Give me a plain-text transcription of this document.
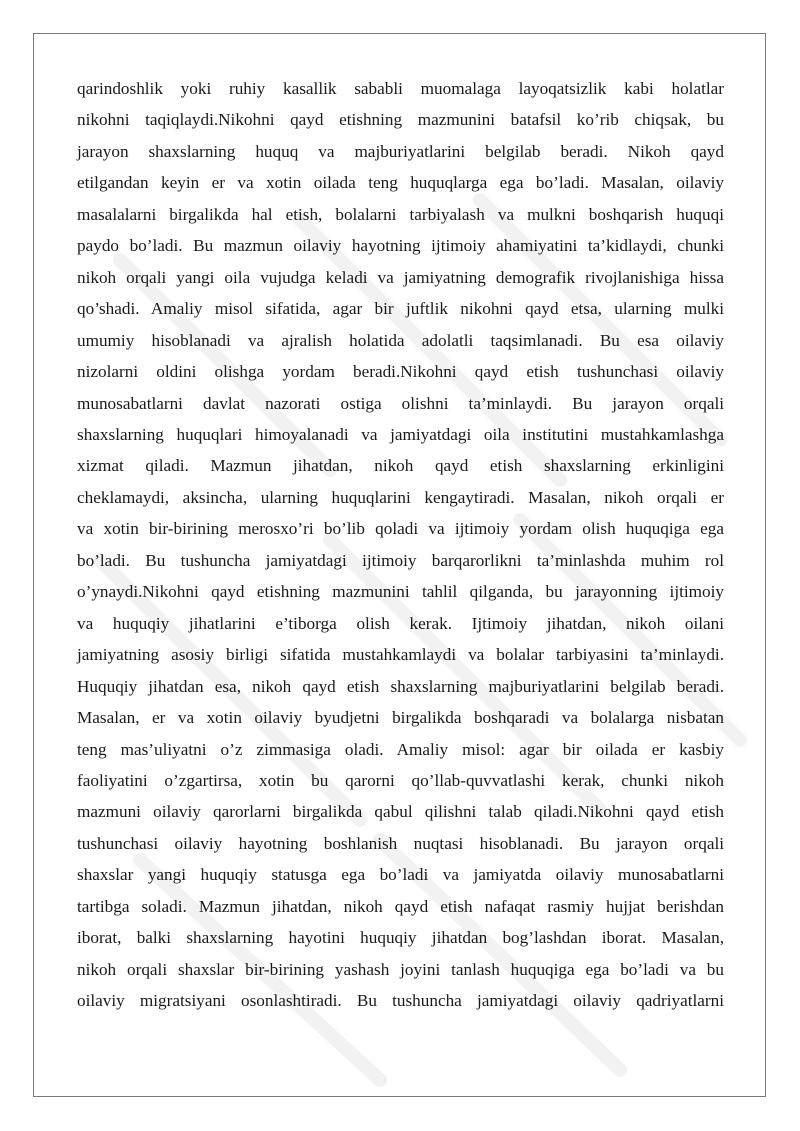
qarindoshlik yoki ruhiy kasallik sababli muomalaga layoqatsizlik kabi holatlar
nikohni taqiqlaydi.Nikohni qayd etishning mazmunini batafsil ko’rib chiqsak, bu
jarayon shaxslarning huquq va majburiyatlarini belgilab beradi. Nikoh qayd
etilgandan keyin er va xotin oilada teng huquqlarga ega bo’ladi. Masalan, oilaviy
masalalarni birgalikda hal etish, bolalarni tarbiyalash va mulkni boshqarish huquqi
paydo bo’ladi. Bu mazmun oilaviy hayotning ijtimoiy ahamiyatini ta’kidlaydi, chunki
nikoh orqali yangi oila vujudga keladi va jamiyatning demografik rivojlanishiga hissa
qo’shadi. Amaliy misol sifatida, agar bir juftlik nikohni qayd etsa, ularning mulki
umumiy hisoblanadi va ajralish holatida adolatli taqsimlanadi. Bu esa oilaviy
nizolarni oldini olishga yordam beradi.Nikohni qayd etish tushunchasi oilaviy
munosabatlarni davlat nazorati ostiga olishni ta’minlaydi. Bu jarayon orqali
shaxslarning huquqlari himoyalanadi va jamiyatdagi oila institutini mustahkamlashga
xizmat qiladi. Mazmun jihatdan, nikoh qayd etish shaxslarning erkinligini
cheklamaydi, aksincha, ularning huquqlarini kengaytiradi. Masalan, nikoh orqali er
va xotin bir-birining merosxo’ri bo’lib qoladi va ijtimoiy yordam olish huquqiga ega
bo’ladi. Bu tushuncha jamiyatdagi ijtimoiy barqarorlikni ta’minlashda muhim rol
o’ynaydi.Nikohni qayd etishning mazmunini tahlil qilganda, bu jarayonning ijtimoiy
va huquqiy jihatlarini e’tiborga olish kerak. Ijtimoiy jihatdan, nikoh oilani
jamiyatning asosiy birligi sifatida mustahkamlaydi va bolalar tarbiyasini ta’minlaydi.
Huquqiy jihatdan esa, nikoh qayd etish shaxslarning majburiyatlarini belgilab beradi.
Masalan, er va xotin oilaviy byudjetni birgalikda boshqaradi va bolalarga nisbatan
teng mas’uliyatni o’z zimmasiga oladi. Amaliy misol: agar bir oilada er kasbiy
faoliyatini o’zgartirsa, xotin bu qarorni qo’llab-quvvatlashi kerak, chunki nikoh
mazmuni oilaviy qarorlarni birgalikda qabul qilishni talab qiladi.Nikohni qayd etish
tushunchasi oilaviy hayotning boshlanish nuqtasi hisoblanadi. Bu jarayon orqali
shaxslar yangi huquqiy statusga ega bo’ladi va jamiyatda oilaviy munosabatlarni
tartibga soladi. Mazmun jihatdan, nikoh qayd etish nafaqat rasmiy hujjat berishdan
iborat, balki shaxslarning hayotini huquqiy jihatdan bog’lashdan iborat. Masalan,
nikoh orqali shaxslar bir-birining yashash joyini tanlash huquqiga ega bo’ladi va bu
oilaviy migratsiyani osonlashtiradi. Bu tushuncha jamiyatdagi oilaviy qadriyatlarni
